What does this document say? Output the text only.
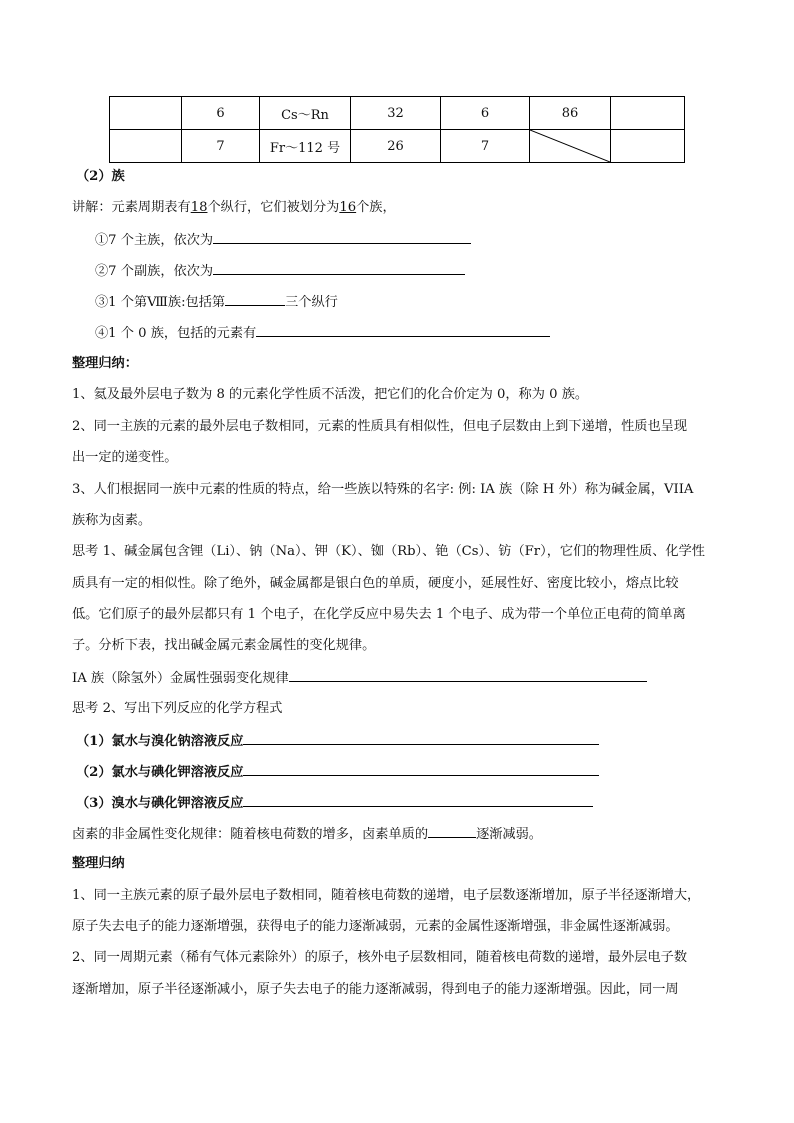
	6	Cs～Rn	32	6	86	
	7	Fr～112 号	26	7	

（2）族
讲解：元素周期表有18个纵行，它们被划分为16个族，
①7 个主族，依次为
②7 个副族，依次为
③1 个第Ⅷ族:包括第	三个纵行
④1 个 0 族，包括的元素有
整理归纳：
1、氦及最外层电子数为 8 的元素化学性质不活泼，把它们的化合价定为 0，称为 0 族。
2、同一主族的元素的最外层电子数相同，元素的性质具有相似性，但电子层数由上到下递增，性质也呈现
出一定的递变性。
3、人们根据同一族中元素的性质的特点，给一些族以特殊的名字: 例: IA 族（除 H 外）称为碱金属，VIIA
族称为卤素。
思考 1、碱金属包含锂（Li）、钠（Na）、钾（K）、铷（Rb）、铯（Cs）、钫（Fr），它们的物理性质、化学性
质具有一定的相似性。除了绝外，碱金属都是银白色的单质，硬度小，延展性好、密度比较小，熔点比较
低。它们原子的最外层都只有 1 个电子，在化学反应中易失去 1 个电子、成为带一个单位正电荷的简单离
子。分析下表，找出碱金属元素金属性的变化规律。
IA 族（除氢外）金属性强弱变化规律
思考 2、写出下列反应的化学方程式
（1）氯水与溴化钠溶液反应
（2）氯水与碘化钾溶液反应
（3）溴水与碘化钾溶液反应
卤素的非金属性变化规律：随着核电荷数的增多，卤素单质的	逐渐减弱。
整理归纳
1、同一主族元素的原子最外层电子数相同，随着核电荷数的递增，电子层数逐渐增加，原子半径逐渐增大，
原子失去电子的能力逐渐增强，获得电子的能力逐渐减弱，元素的金属性逐渐增强，非金属性逐渐减弱。
2、同一周期元素（稀有气体元素除外）的原子，核外电子层数相同，随着核电荷数的递增，最外层电子数
逐渐增加，原子半径逐渐减小，原子失去电子的能力逐渐减弱，得到电子的能力逐渐增强。因此，同一周
